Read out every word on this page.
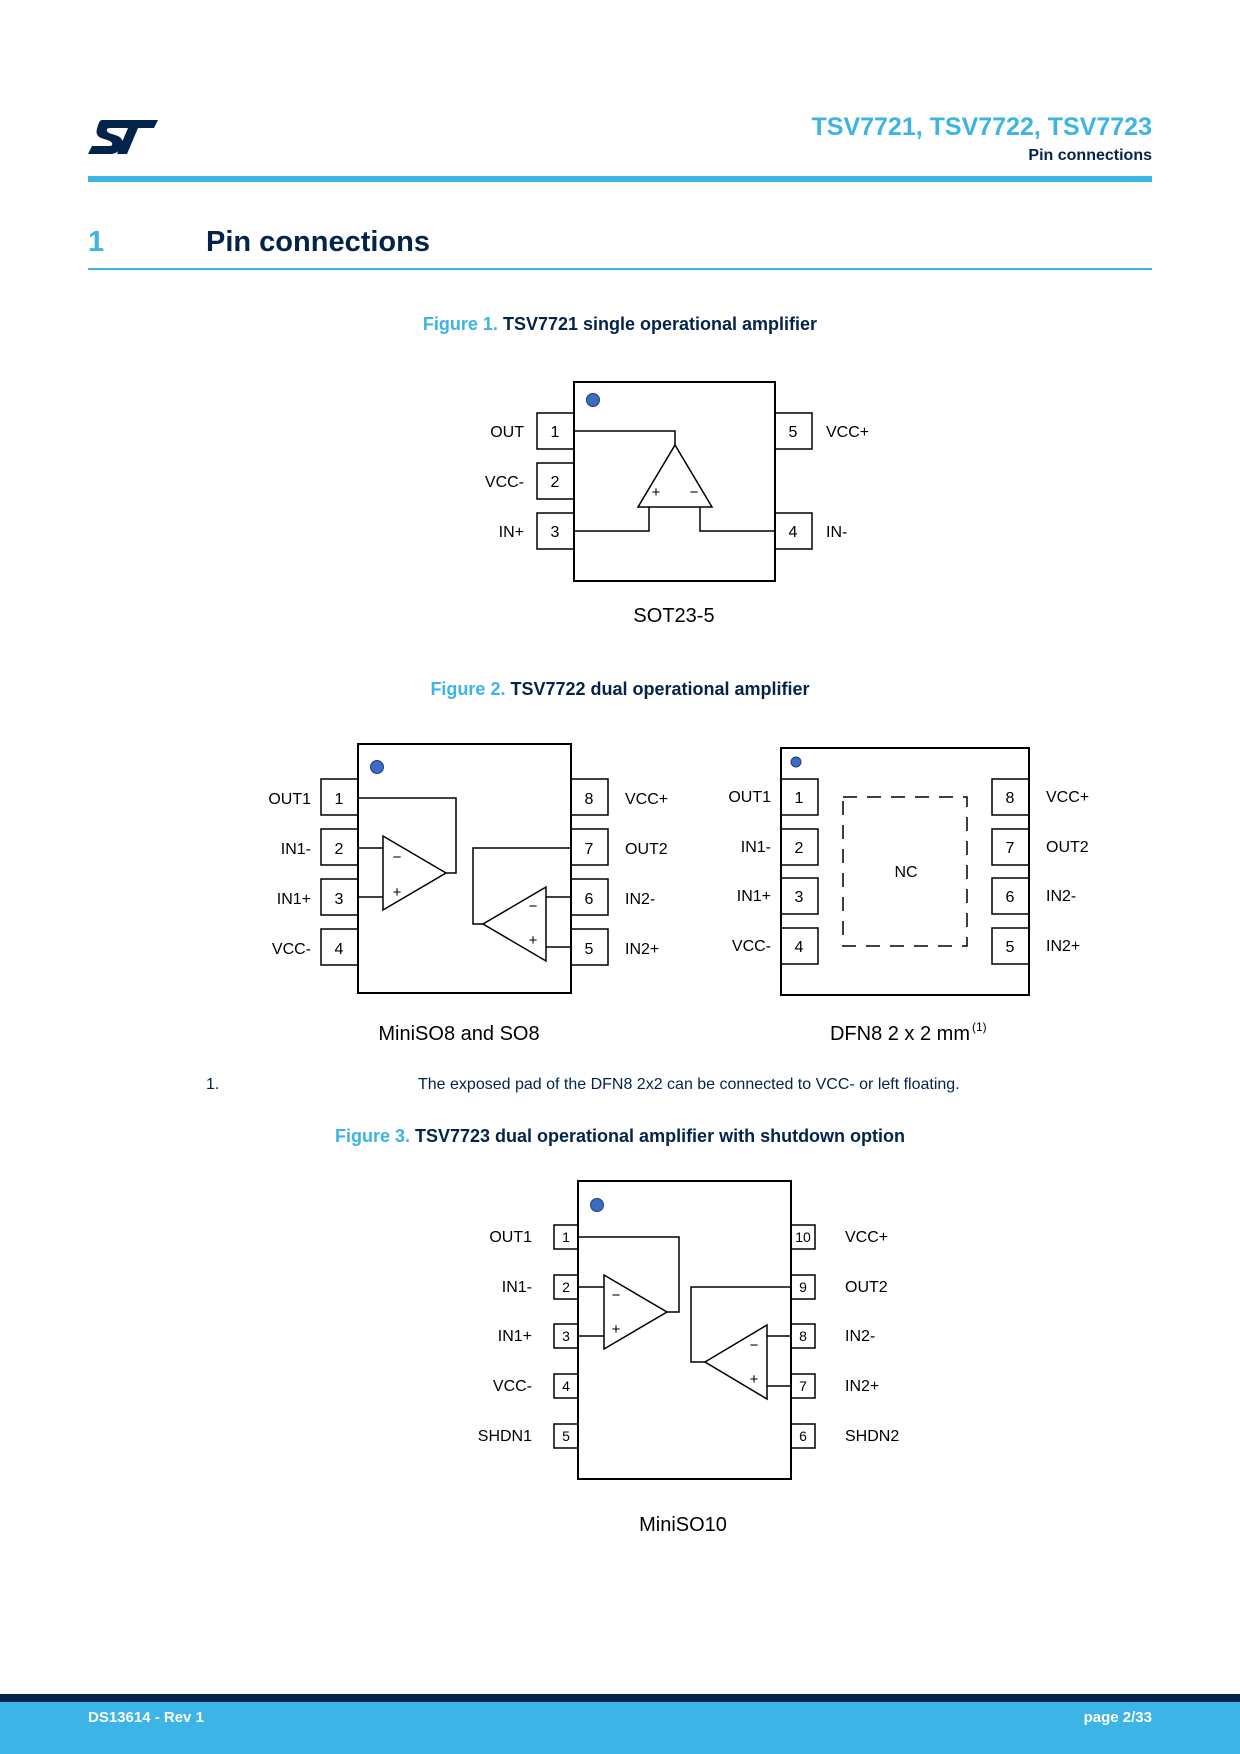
ST	TSV7721, TSV7722, TSV7723
Pin connections
1	Pin connections
Figure 1. TSV7721 single operational amplifier
Figure 2. TSV7722 dual operational amplifier
Figure 3. TSV7723 dual operational amplifier with shutdown option
1
2
3	4
5
OUT
VCC-
IN+	IN-
VCC+
+ −
SOT23-5
1
2
3
4	5
6
7
8
OUT1
IN1-
IN1+
VCC-	IN2+
IN2-
OUT2
VCC+
−
+
−
+
MiniSO8 and SO8
1
2
3
4	5
6
7
8
OUT1
IN1-
IN1+
VCC-	IN2+
IN2-
OUT2
VCC+
NC
DFN8 2 x 2 mm (1)
1
2
3
4
5	6
7
8
9
10
OUT1
IN1-
IN1+
VCC-
SHDN1	SHDN2
IN2+
IN2-
OUT2
VCC+
−
+
−
+
MiniSO10
1.	The exposed pad of the DFN8 2x2 can be connected to VCC- or left floating.
DS13614 - Rev 1	page 2/33
